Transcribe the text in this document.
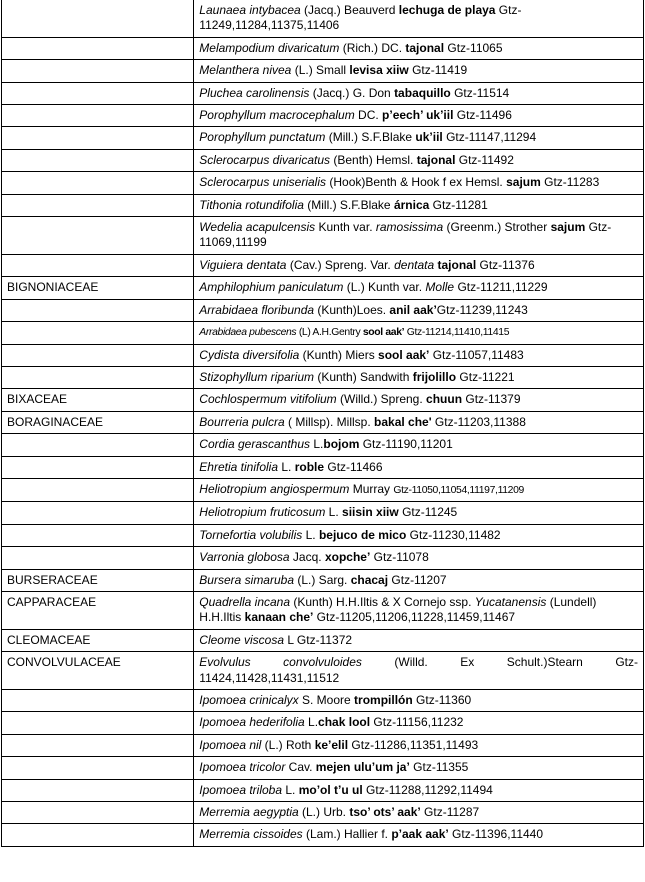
	Launaea intybacea (Jacq.) Beauverd lechuga de playa Gtz-11249,11284,11375,11406
	Melampodium divaricatum (Rich.) DC. tajonal Gtz-11065
	Melanthera nivea (L.) Small levisa xiiw Gtz-11419
	Pluchea carolinensis (Jacq.) G. Don tabaquillo Gtz-11514
	Porophyllum macrocephalum DC. p’eech’ uk’iil Gtz-11496
	Porophyllum punctatum (Mill.) S.F.Blake uk’iil Gtz-11147,11294
	Sclerocarpus divaricatus (Benth) Hemsl. tajonal Gtz-11492
	Sclerocarpus uniserialis (Hook)Benth & Hook f ex Hemsl. sajum Gtz-11283
	Tithonia rotundifolia (Mill.) S.F.Blake árnica Gtz-11281
	Wedelia acapulcensis Kunth var. ramosissima (Greenm.) Strother sajum Gtz-11069,11199
	Viguiera dentata (Cav.) Spreng. Var. dentata tajonal Gtz-11376
BIGNONIACEAE	Amphilophium paniculatum (L.) Kunth var. Molle Gtz-11211,11229
	Arrabidaea floribunda (Kunth)Loes. anil aak’Gtz-11239,11243
	Arrabidaea pubescens (L) A.H.Gentry sool aak’ Gtz-11214,11410,11415
	Cydista diversifolia (Kunth) Miers sool aak’ Gtz-11057,11483
	Stizophyllum riparium (Kunth) Sandwith frijolillo Gtz-11221
BIXACEAE	Cochlospermum vitifolium (Willd.) Spreng. chuun Gtz-11379
BORAGINACEAE	Bourreria pulcra ( Millsp). Millsp. bakal che' Gtz-11203,11388
	Cordia gerascanthus L.bojom Gtz-11190,11201
	Ehretia tinifolia L. roble Gtz-11466
	Heliotropium angiospermum Murray Gtz-11050,11054,11197,11209
	Heliotropium fruticosum L. siisin xiiw Gtz-11245
	Tornefortia volubilis L. bejuco de mico Gtz-11230,11482
	Varronia globosa Jacq. xopche’ Gtz-11078
BURSERACEAE	Bursera simaruba (L.) Sarg. chacaj Gtz-11207
CAPPARACEAE	Quadrella incana (Kunth) H.H.Iltis & X Cornejo ssp. Yucatanensis (Lundell) H.H.Iltis kanaan che’ Gtz-11205,11206,11228,11459,11467
CLEOMACEAE	Cleome viscosa L Gtz-11372
CONVOLVULACEAE	Evolvulus convolvuloides (Willd. Ex Schult.)Stearn Gtz-
11424,11428,11431,11512

	Ipomoea crinicalyx S. Moore trompillón Gtz-11360
	Ipomoea hederifolia L.chak lool Gtz-11156,11232
	Ipomoea nil (L.) Roth ke’elil Gtz-11286,11351,11493
	Ipomoea tricolor Cav. mejen ulu’um ja’ Gtz-11355
	Ipomoea triloba L. mo’ol t’u ul Gtz-11288,11292,11494
	Merremia aegyptia (L.) Urb. tso’ ots’ aak’ Gtz-11287
	Merremia cissoides (Lam.) Hallier f. p’aak aak’ Gtz-11396,11440
